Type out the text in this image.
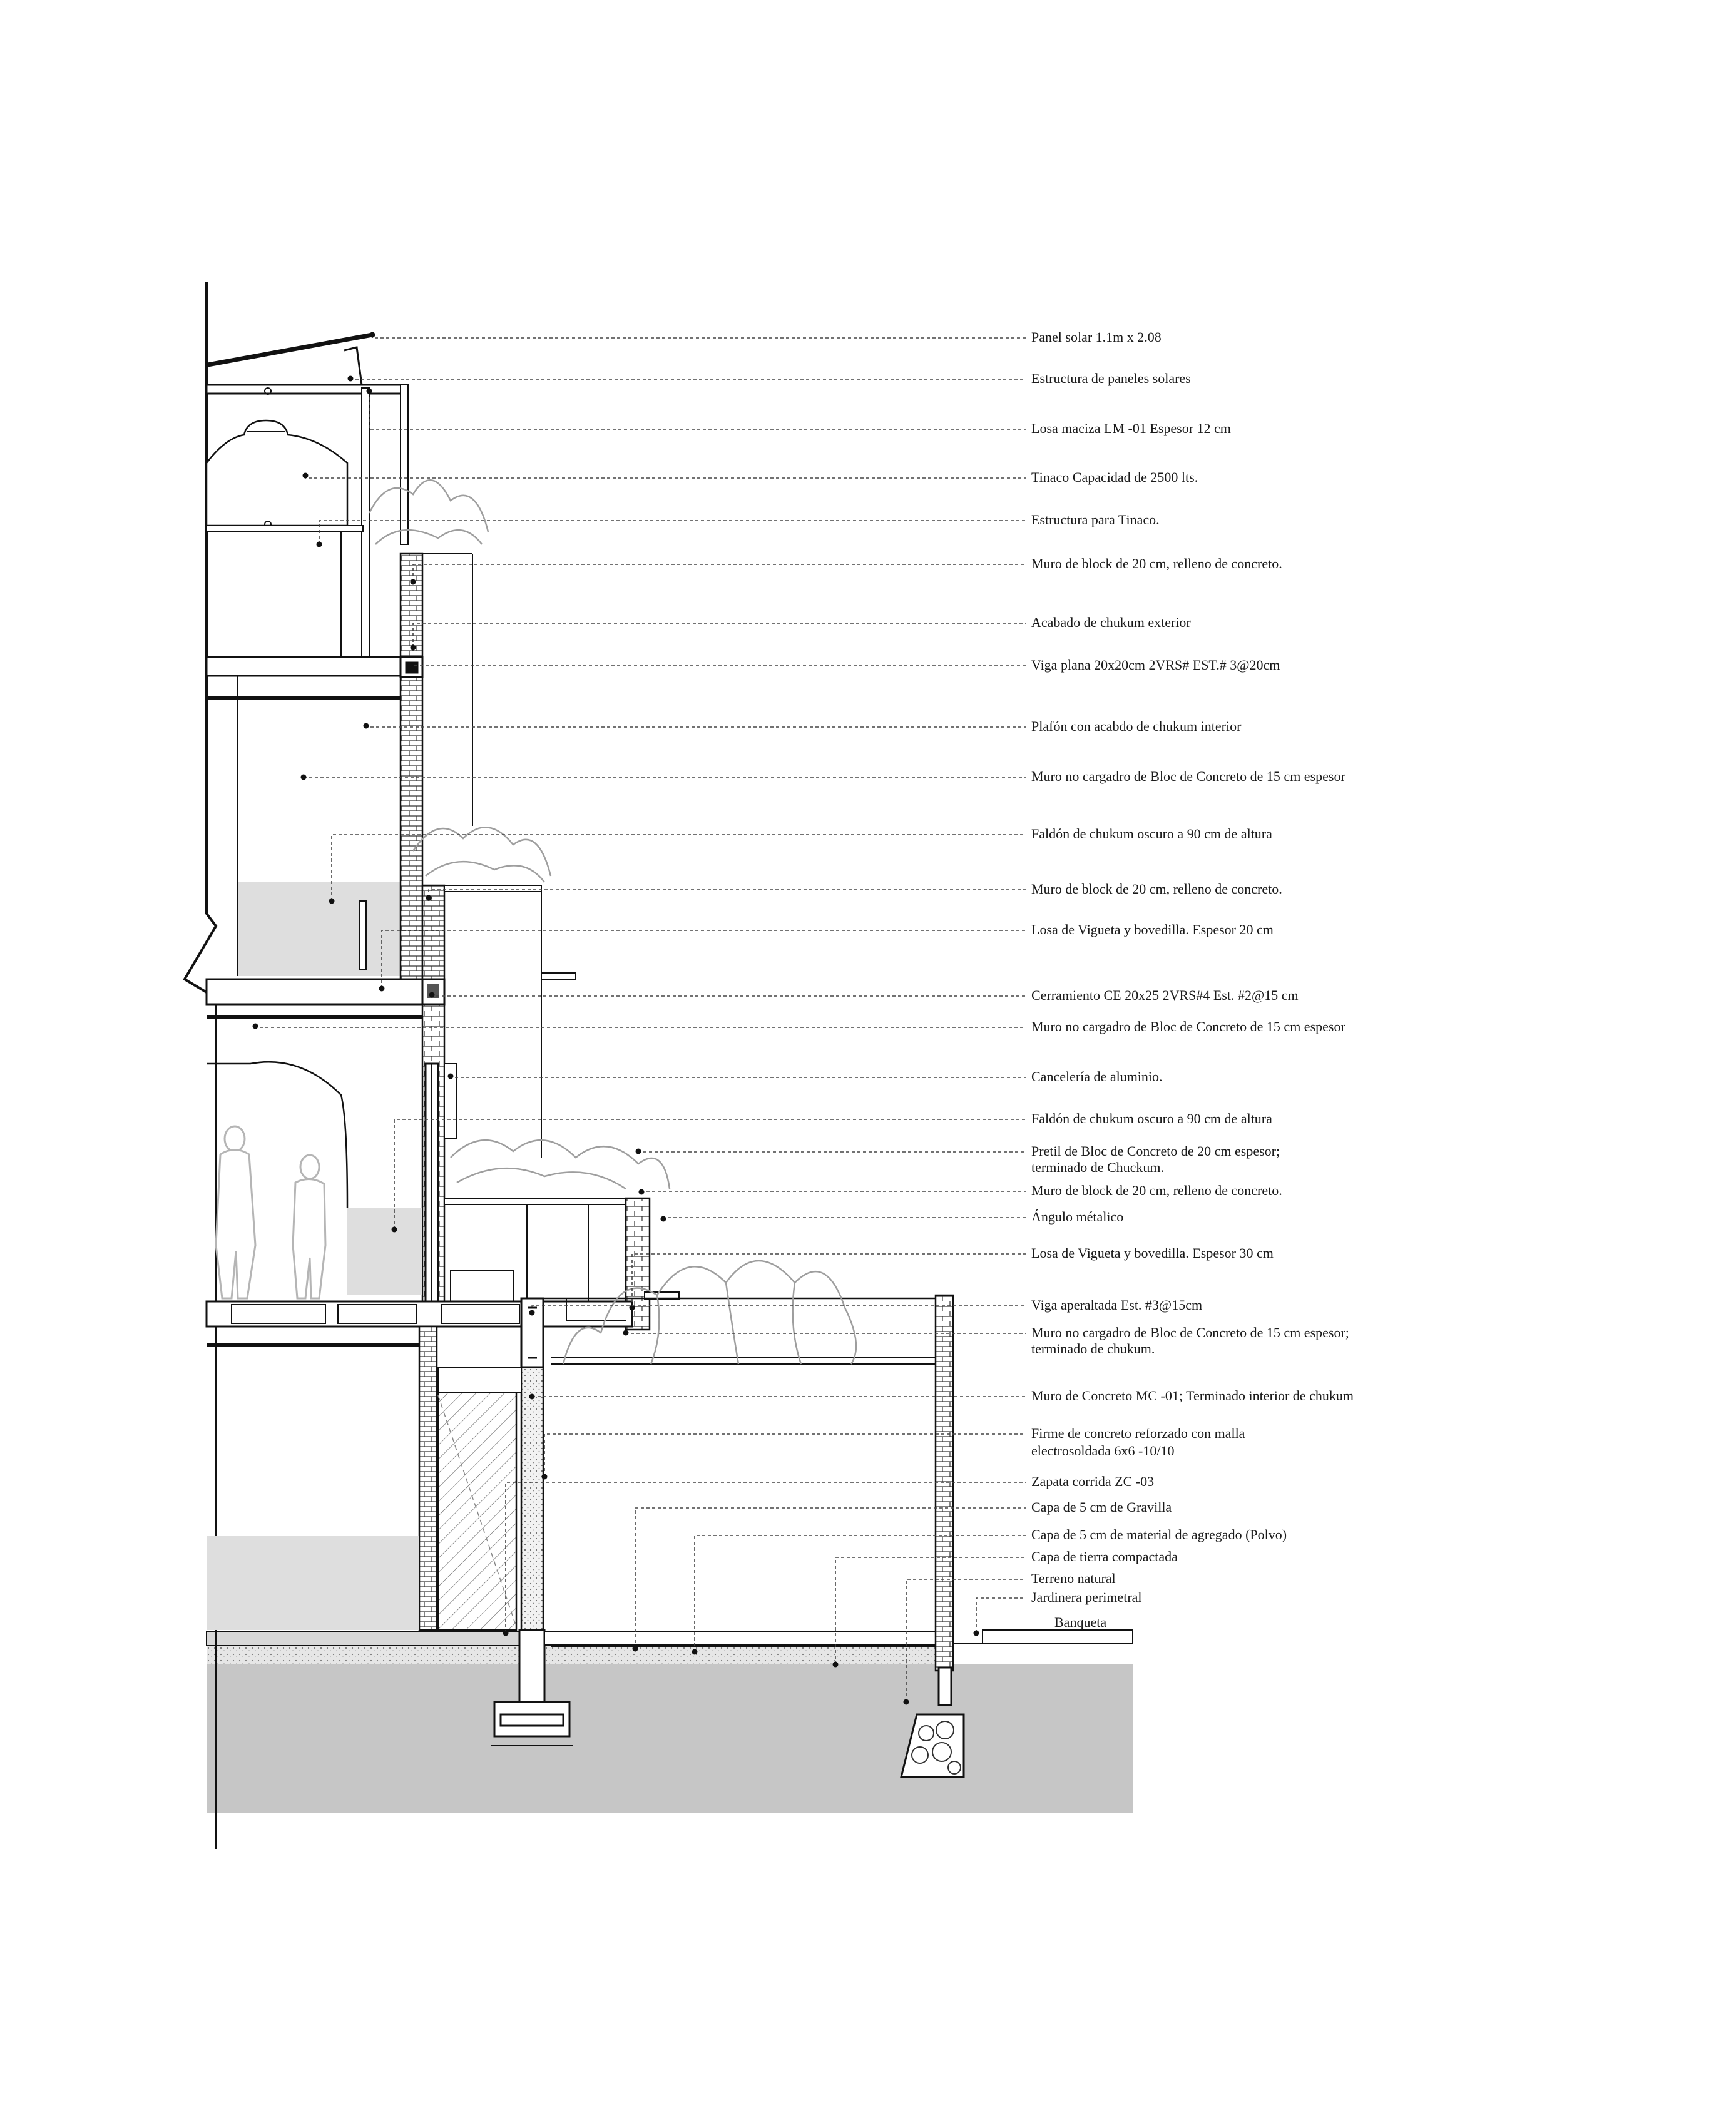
Panel solar 1.1m x 2.08
Estructura de paneles solares
Losa maciza LM -01 Espesor 12 cm
Tinaco Capacidad de 2500 lts.
Estructura para Tinaco.
Muro de block de 20 cm, relleno de concreto.
Acabado de chukum exterior
Viga plana 20x20cm 2VRS# EST.# 3@20cm
Plafón con acabdo de chukum interior
Muro no cargadro de Bloc de Concreto de 15 cm espesor
Faldón de chukum oscuro a 90 cm de altura
Muro de block de 20 cm, relleno de concreto.
Losa de Vigueta y bovedilla. Espesor 20 cm
Cerramiento CE 20x25 2VRS#4 Est. #2@15 cm
Muro no cargadro de Bloc de Concreto de 15 cm espesor
Cancelería de aluminio.
Faldón de chukum oscuro a 90 cm de altura
Pretil de Bloc de Concreto de 20 cm espesor;
terminado de Chuckum.
Muro de block de 20 cm, relleno de concreto.
Ángulo métalico
Losa de Vigueta y bovedilla. Espesor 30 cm
Viga aperaltada Est. #3@15cm
Muro no cargadro de Bloc de Concreto de 15 cm espesor;
terminado de chukum.
Muro de Concreto MC -01; Terminado interior de chukum
Firme de concreto reforzado con malla
electrosoldada 6x6 -10/10
Zapata corrida ZC -03
Capa de 5 cm de Gravilla
Capa de 5 cm de material de agregado (Polvo)
Capa de tierra compactada
Terreno natural
Jardinera perimetral
Banqueta
